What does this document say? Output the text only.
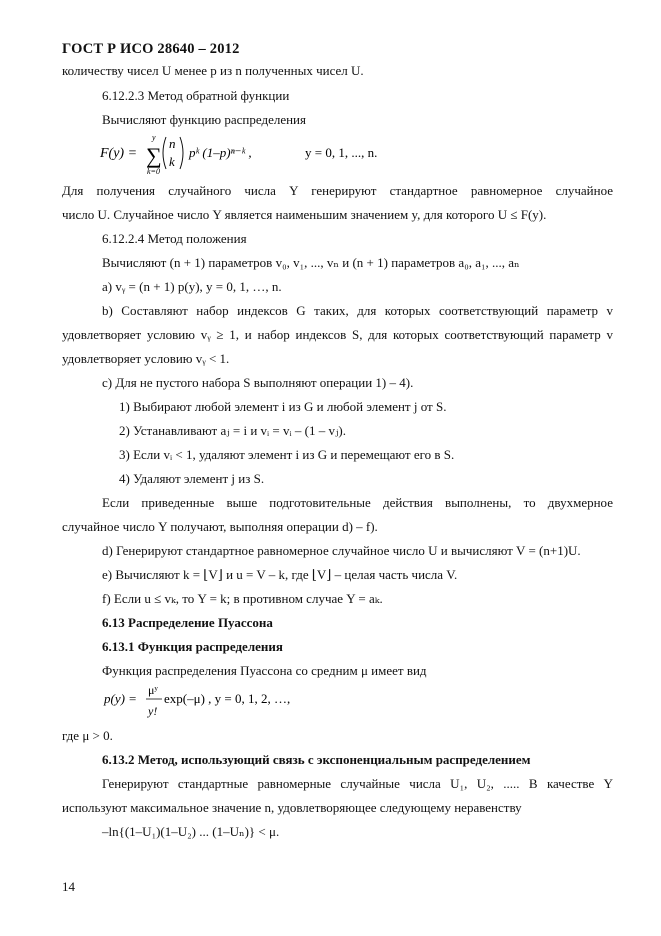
ГОСТ Р ИСО 28640 – 2012
количеству чисел U менее p из n полученных чисел U.
6.12.2.3 Метод обратной функции
Вычисляют функцию распределения
F(y) = ∑
y
k=0
n
k
pᵏ (1–p)ⁿ⁻ᵏ ,	y = 0, 1, ..., n.
Для получения случайного числа Y генерируют стандартное равномерное случайное
число U. Случайное число Y является наименьшим значением y, для которого U ≤ F(y).
6.12.2.4 Метод положения
Вычисляют (n + 1) параметров v₀, v₁, ..., vₙ и (n + 1) параметров a₀, a₁, ..., aₙ
a) vᵧ = (n + 1) p(y), y = 0, 1, …, n.
b) Составляют набор индексов G таких, для которых соответствующий параметр v
удовлетворяет условию vᵧ ≥ 1, и набор индексов S, для которых соответствующий параметр v
удовлетворяет условию vᵧ < 1.
c) Для не пустого набора S выполняют операции 1) – 4).
1) Выбирают любой элемент i из G и любой элемент j от S.
2) Устанавливают aⱼ = i и vᵢ = vᵢ – (1 – vⱼ).
3) Если vᵢ < 1, удаляют элемент i из G и перемещают его в S.
4) Удаляют элемент j из S.
Если приведенные выше подготовительные действия выполнены, то двухмерное
случайное число Y получают, выполняя операции d) – f).
d) Генерируют стандартное равномерное случайное число U и вычисляют V = (n+1)U.
e) Вычисляют k = ⌊V⌋ и u = V – k, где ⌊V⌋ – целая часть числа V.
f) Если u ≤ vₖ, то Y = k; в противном случае Y = aₖ.
6.13 Распределение Пуассона
6.13.1 Функция распределения
Функция распределения Пуассона со средним μ имеет вид
p(y) =
μʸ
y!
exp(–μ) , y = 0, 1, 2, …,
где μ > 0.
6.13.2 Метод, использующий связь с экспоненциальным распределением
Генерируют стандартные равномерные случайные числа U₁, U₂, ..... В качестве Y
используют максимальное значение n, удовлетворяющее следующему неравенству
–ln{(1–U₁)(1–U₂) ... (1–Uₙ)} < μ.
14
